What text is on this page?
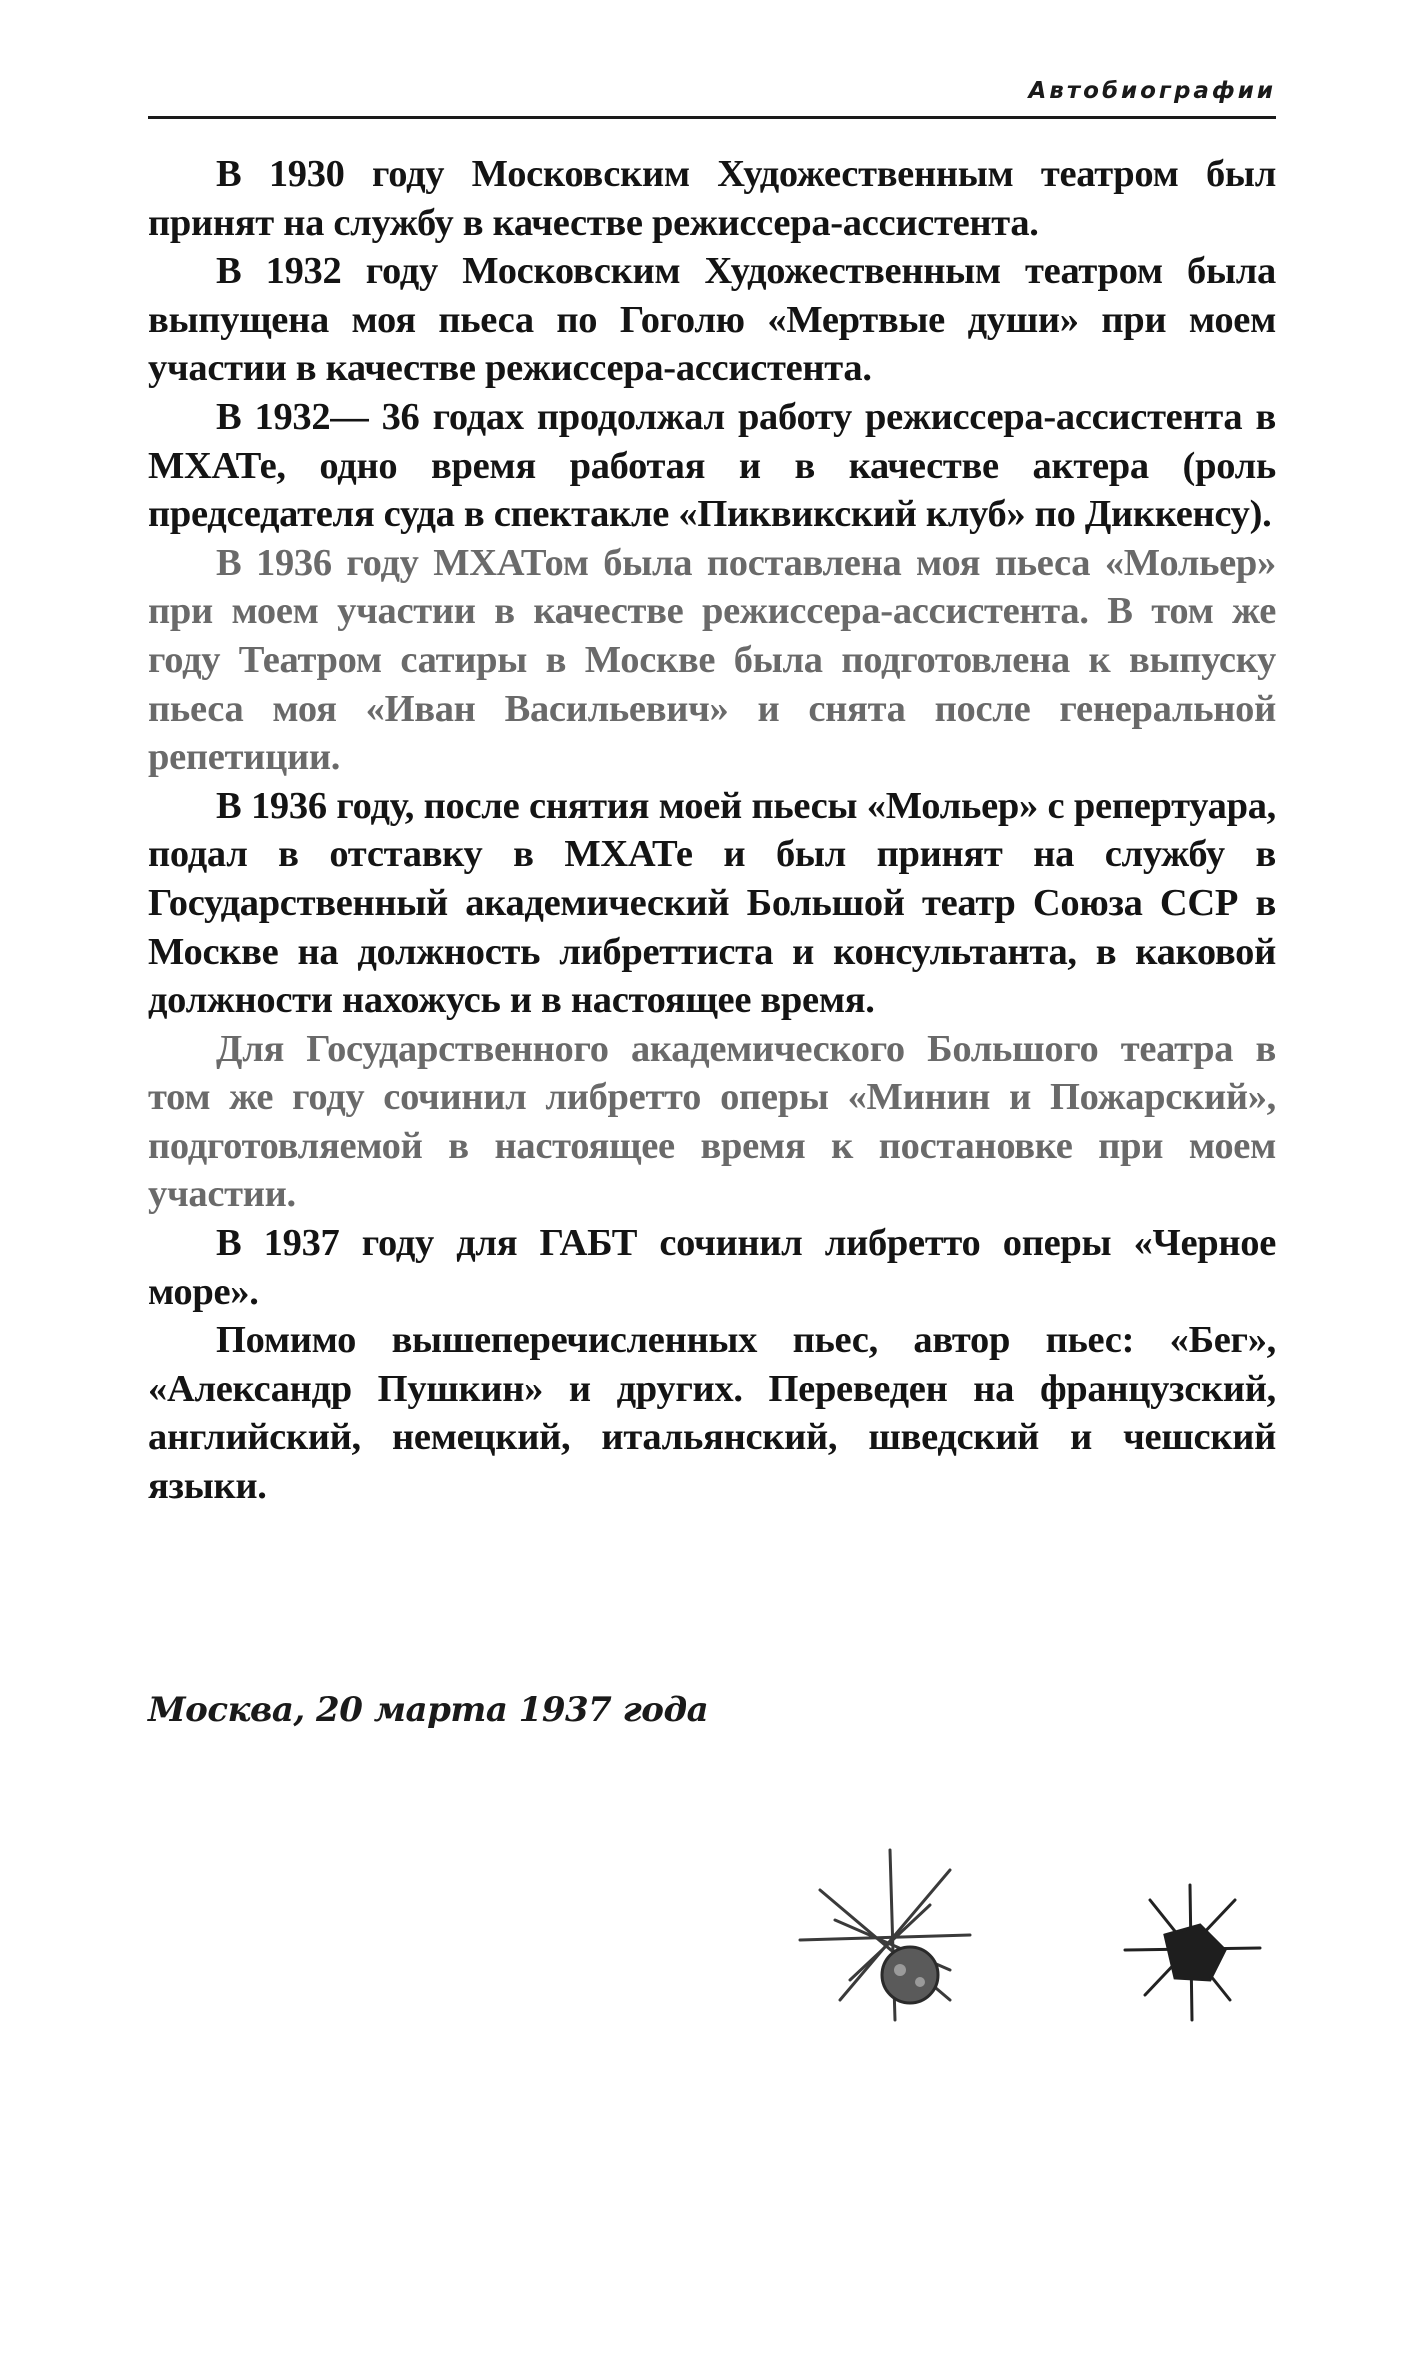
Автобиографии

В 1930 году Московским Художественным театром был принят на службу в качестве режиссера-ассистента.

В 1932 году Московским Художественным театром была выпущена моя пьеса по Гоголю «Мертвые души» при моем участии в качестве режиссера-ассистента.

В 1932— 36 годах продолжал работу режиссера-ассистента в МХАТе, одно время работая и в качестве актера (роль председателя суда в спектакле «Пиквикский клуб» по Диккенсу).

В 1936 году МХАТом была поставлена моя пьеса «Мольер» при моем участии в качестве режиссера-ассистента. В том же году Театром сатиры в Москве была подготовлена к выпуску пьеса моя «Иван Васильевич» и снята после генеральной репетиции.

В 1936 году, после снятия моей пьесы «Мольер» с репертуара, подал в отставку в МХАТе и был принят на службу в Государственный академический Большой театр Союза ССР в Москве на должность либреттиста и консультанта, в каковой должности нахожусь и в настоящее время.

Для Государственного академического Большого театра в том же году сочинил либретто оперы «Минин и Пожарский», подготовляемой в настоящее время к постановке при моем участии.

В 1937 году для ГАБТ сочинил либретто оперы «Черное море».

Помимо вышеперечисленных пьес, автор пьес: «Бег», «Александр Пушкин» и других. Переведен на французский, английский, немецкий, итальянский, шведский и чешский языки.

Москва, 20 марта 1937 года
